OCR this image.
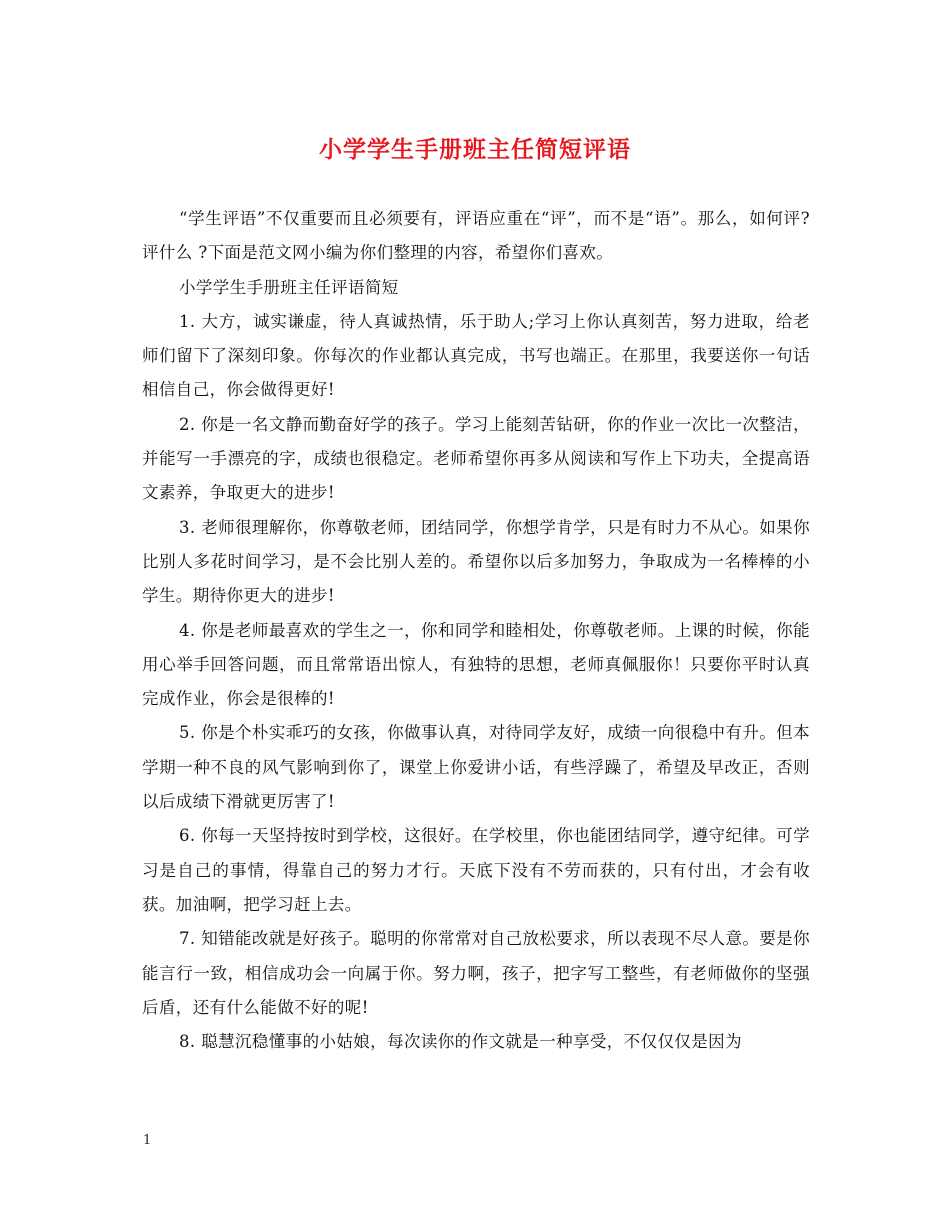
小学学生手册班主任简短评语

“学生评语”不仅重要而且必须要有，评语应重在“评”，而不是“语”。那么，如何评?评什么 ?下面是范文网小编为你们整理的内容，希望你们喜欢。

小学学生手册班主任评语简短

1. 大方，诚实谦虚，待人真诚热情，乐于助人;学习上你认真刻苦，努力进取，给老师们留下了深刻印象。你每次的作业都认真完成，书写也端正。在那里，我要送你一句话相信自己，你会做得更好!

2. 你是一名文静而勤奋好学的孩子。学习上能刻苦钻研，你的作业一次比一次整洁，并能写一手漂亮的字，成绩也很稳定。老师希望你再多从阅读和写作上下功夫，全提高语文素养，争取更大的进步!

3. 老师很理解你，你尊敬老师，团结同学，你想学肯学，只是有时力不从心。如果你比别人多花时间学习，是不会比别人差的。希望你以后多加努力，争取成为一名棒棒的小学生。期待你更大的进步!

4. 你是老师最喜欢的学生之一，你和同学和睦相处，你尊敬老师。上课的时候，你能用心举手回答问题，而且常常语出惊人，有独特的思想，老师真佩服你！只要你平时认真完成作业，你会是很棒的!

5. 你是个朴实乖巧的女孩，你做事认真，对待同学友好，成绩一向很稳中有升。但本学期一种不良的风气影响到你了，课堂上你爱讲小话，有些浮躁了，希望及早改正，否则以后成绩下滑就更厉害了!

6. 你每一天坚持按时到学校，这很好。在学校里，你也能团结同学，遵守纪律。可学习是自己的事情，得靠自己的努力才行。天底下没有不劳而获的，只有付出，才会有收获。加油啊，把学习赶上去。

7. 知错能改就是好孩子。聪明的你常常对自己放松要求，所以表现不尽人意。要是你能言行一致，相信成功会一向属于你。努力啊，孩子，把字写工整些，有老师做你的坚强后盾，还有什么能做不好的呢!

8. 聪慧沉稳懂事的小姑娘，每次读你的作文就是一种享受，不仅仅仅是因为

1
